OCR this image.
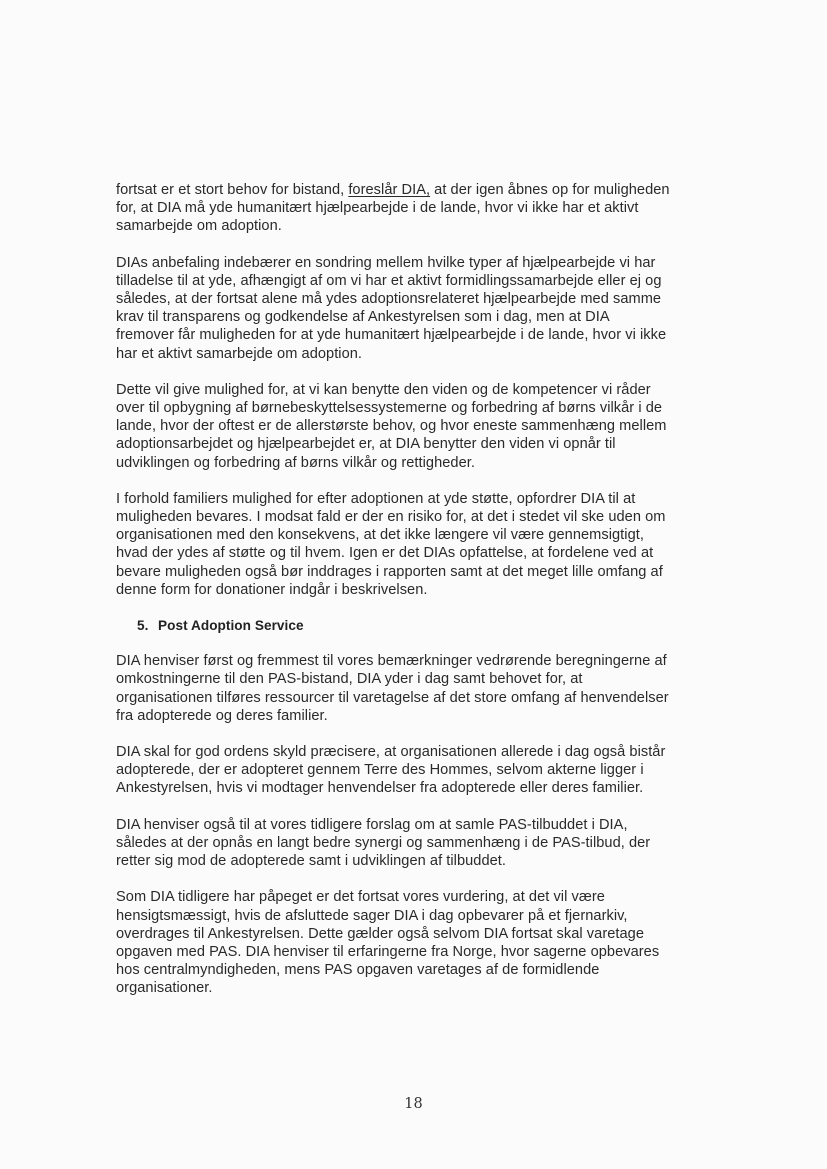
fortsat er et stort behov for bistand, foreslår DIA, at der igen åbnes op for muligheden
for, at DIA må yde humanitært hjælpearbejde i de lande, hvor vi ikke har et aktivt
samarbejde om adoption.
DIAs anbefaling indebærer en sondring mellem hvilke typer af hjælpearbejde vi har
tilladelse til at yde, afhængigt af om vi har et aktivt formidlingssamarbejde eller ej og
således, at der fortsat alene må ydes adoptionsrelateret hjælpearbejde med samme
krav til transparens og godkendelse af Ankestyrelsen som i dag, men at DIA
fremover får muligheden for at yde humanitært hjælpearbejde i de lande, hvor vi ikke
har et aktivt samarbejde om adoption.
Dette vil give mulighed for, at vi kan benytte den viden og de kompetencer vi råder
over til opbygning af børnebeskyttelsessystemerne og forbedring af børns vilkår i de
lande, hvor der oftest er de allerstørste behov, og hvor eneste sammenhæng mellem
adoptionsarbejdet og hjælpearbejdet er, at DIA benytter den viden vi opnår til
udviklingen og forbedring af børns vilkår og rettigheder.
I forhold familiers mulighed for efter adoptionen at yde støtte, opfordrer DIA til at
muligheden bevares. I modsat fald er der en risiko for, at det i stedet vil ske uden om
organisationen med den konsekvens, at det ikke længere vil være gennemsigtigt,
hvad der ydes af støtte og til hvem. Igen er det DIAs opfattelse, at fordelene ved at
bevare muligheden også bør inddrages i rapporten samt at det meget lille omfang af
denne form for donationer indgår i beskrivelsen.
5. Post Adoption Service
DIA henviser først og fremmest til vores bemærkninger vedrørende beregningerne af
omkostningerne til den PAS-bistand, DIA yder i dag samt behovet for, at
organisationen tilføres ressourcer til varetagelse af det store omfang af henvendelser
fra adopterede og deres familier.
DIA skal for god ordens skyld præcisere, at organisationen allerede i dag også bistår
adopterede, der er adopteret gennem Terre des Hommes, selvom akterne ligger i
Ankestyrelsen, hvis vi modtager henvendelser fra adopterede eller deres familier.
DIA henviser også til at vores tidligere forslag om at samle PAS-tilbuddet i DIA,
således at der opnås en langt bedre synergi og sammenhæng i de PAS-tilbud, der
retter sig mod de adopterede samt i udviklingen af tilbuddet.
Som DIA tidligere har påpeget er det fortsat vores vurdering, at det vil være
hensigtsmæssigt, hvis de afsluttede sager DIA i dag opbevarer på et fjernarkiv,
overdrages til Ankestyrelsen. Dette gælder også selvom DIA fortsat skal varetage
opgaven med PAS. DIA henviser til erfaringerne fra Norge, hvor sagerne opbevares
hos centralmyndigheden, mens PAS opgaven varetages af de formidlende
organisationer.
18
